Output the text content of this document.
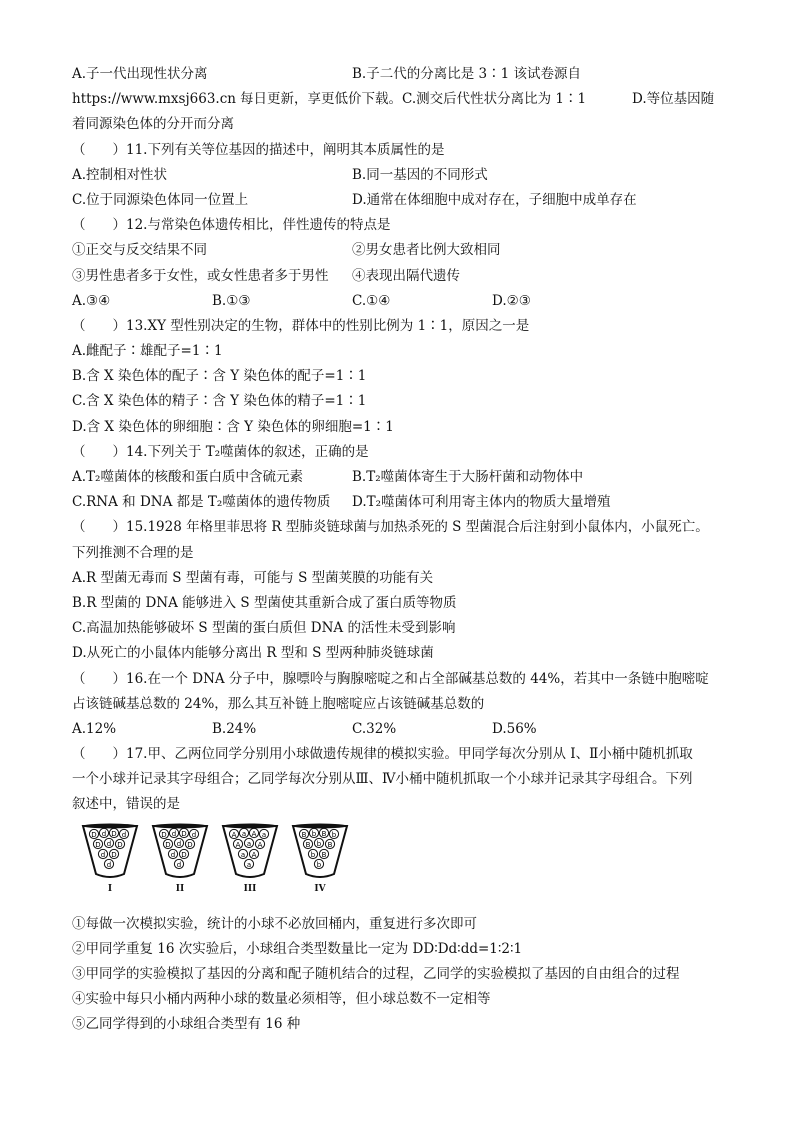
A.子一代出现性状分离	B.子二代的分离比是 3∶1 该试卷源自
https://www.mxsj663.cn 每日更新，享更低价下载。C.测交后代性状分离比为 1∶1	D.等位基因随
着同源染色体的分开而分离
（　　）11.下列有关等位基因的描述中，阐明其本质属性的是
A.控制相对性状	B.同一基因的不同形式
C.位于同源染色体同一位置上	D.通常在体细胞中成对存在，子细胞中成单存在
（　　）12.与常染色体遗传相比，伴性遗传的特点是
①正交与反交结果不同	②男女患者比例大致相同
③男性患者多于女性，或女性患者多于男性 ④表现出隔代遗传
A.③④	B.①③	C.①④	D.②③
（　　）13.XY 型性别决定的生物，群体中的性别比例为 1∶1，原因之一是
A.雌配子∶雄配子=1∶1
B.含 X 染色体的配子∶含 Y 染色体的配子=1∶1
C.含 X 染色体的精子∶含 Y 染色体的精子=1∶1
D.含 X 染色体的卵细胞∶含 Y 染色体的卵细胞=1∶1
（　　）14.下列关于 T₂噬菌体的叙述，正确的是
A.T₂噬菌体的核酸和蛋白质中含硫元素	B.T₂噬菌体寄生于大肠杆菌和动物体中
C.RNA 和 DNA 都是 T₂噬菌体的遗传物质 D.T₂噬菌体可利用寄主体内的物质大量增殖
（　　）15.1928 年格里菲思将 R 型肺炎链球菌与加热杀死的 S 型菌混合后注射到小鼠体内，小鼠死亡。
下列推测不合理的是
A.R 型菌无毒而 S 型菌有毒，可能与 S 型菌荚膜的功能有关
B.R 型菌的 DNA 能够进入 S 型菌使其重新合成了蛋白质等物质
C.高温加热能够破坏 S 型菌的蛋白质但 DNA 的活性未受到影响
D.从死亡的小鼠体内能够分离出 R 型和 S 型两种肺炎链球菌
（　　）16.在一个 DNA 分子中，腺嘌呤与胸腺嘧啶之和占全部碱基总数的 44%，若其中一条链中胞嘧啶
占该链碱基总数的 24%，那么其互补链上胞嘧啶应占该链碱基总数的
A.12%	B.24%	C.32%	D.56%
（　　）17.甲、乙两位同学分别用小球做遗传规律的模拟实验。甲同学每次分别从 Ⅰ、Ⅱ小桶中随机抓取
一个小球并记录其字母组合；乙同学每次分别从Ⅲ、Ⅳ小桶中随机抓取一个小球并记录其字母组合。下列
叙述中，错误的是
D d D d
D d D
d D
d
I
D d D d
D d D
d D
d
II
A a A a
A a A
a A
a
III
B b B b
B b B
b B
b
IV
①每做一次模拟实验，统计的小球不必放回桶内，重复进行多次即可
②甲同学重复 16 次实验后，小球组合类型数量比一定为 DD∶Dd∶dd=1∶2∶1
③甲同学的实验模拟了基因的分离和配子随机结合的过程，乙同学的实验模拟了基因的自由组合的过程
④实验中每只小桶内两种小球的数量必须相等，但小球总数不一定相等
⑤乙同学得到的小球组合类型有 16 种
